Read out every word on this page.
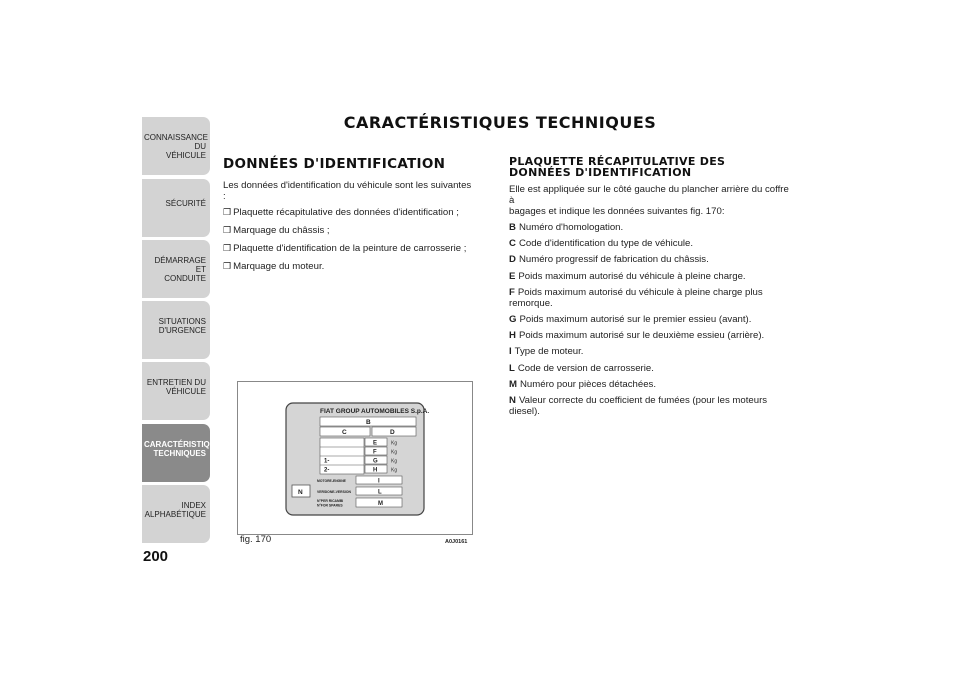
CONNAISSANCE DU
VÉHICULE
SÉCURITÉ
DÉMARRAGE ET
CONDUITE
SITUATIONS
D'URGENCE
ENTRETIEN DU
VÉHICULE
CARACTÉRISTIQUES
TECHNIQUES
INDEX
ALPHABÉTIQUE
200
CARACTÉRISTIQUES TECHNIQUES
DONNÉES D'IDENTIFICATION

Les données d'identification du véhicule sont les suivantes :

❒ Plaquette récapitulative des données d'identification ;

❒ Marquage du châssis ;

❒ Plaquette d'identification de la peinture de carrosserie ;

❒ Marquage du moteur.

PLAQUETTE RÉCAPITULATIVE DES
DONNÉES D'IDENTIFICATION

Elle est appliquée sur le côté gauche du plancher arrière du coffre à
bagages et indique les données suivantes fig. 170:

B Numéro d'homologation.
C Code d'identification du type de véhicule.
D Numéro progressif de fabrication du châssis.
E Poids maximum autorisé du véhicule à pleine charge.
F Poids maximum autorisé du véhicule à pleine charge plus remorque.
G Poids maximum autorisé sur le premier essieu (avant).
H Poids maximum autorisé sur le deuxième essieu (arrière).
I Type de moteur.
L Code de version de carrosserie.
M Numéro pour pièces détachées.
N Valeur correcte du coefficient de fumées (pour les moteurs diesel).
FIAT GROUP AUTOMOBILES S.p.A.
B
C	D
E
F
G
H
Kg
Kg
Kg
Kg
1-
2-
N
MOTORE-ENGINE	I
VERSIONE-VERSION	L
N°PER RICAMBI N°FOR SPARES	M
fig. 170	A0J0161
